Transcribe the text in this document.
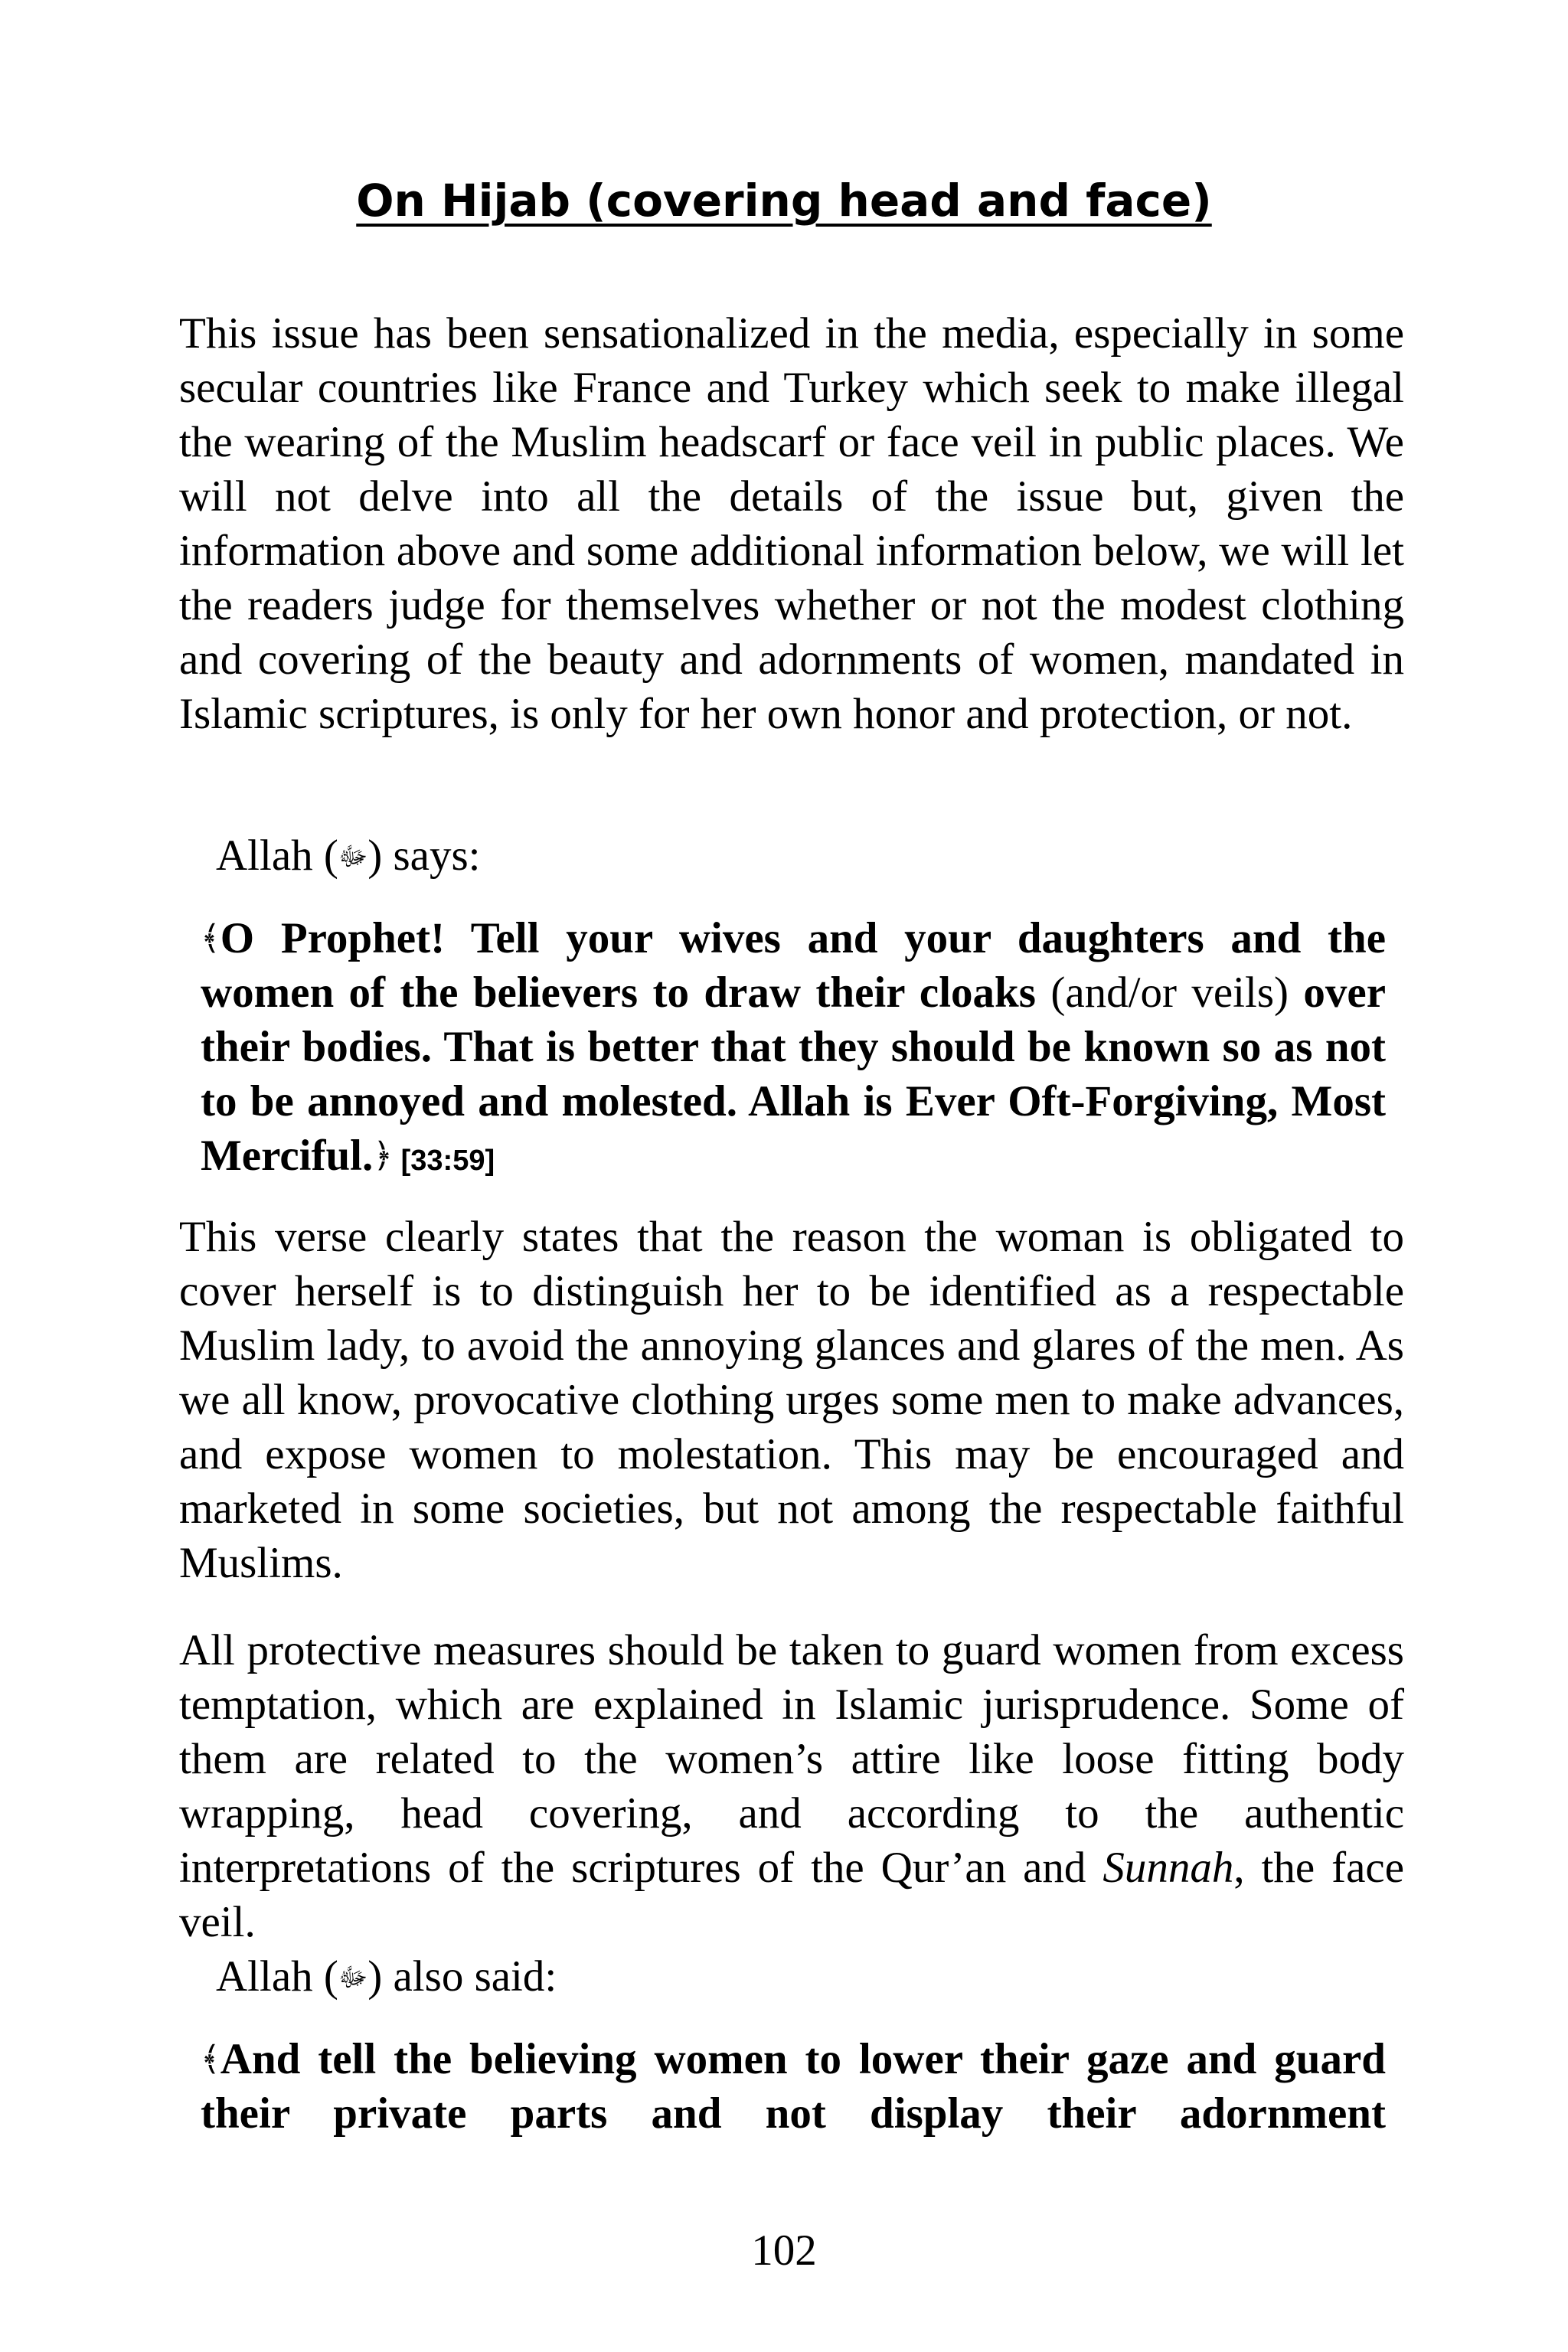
On Hijab (covering head and face)

This issue has been sensationalized in the media, especially in some secular countries like France and Turkey which seek to make illegal the wearing of the Muslim headscarf or face veil in public places. We will not delve into all the details of the issue but, given the information above and some additional information below, we will let the readers judge for themselves whether or not the modest clothing and covering of the beauty and adornments of women, mandated in Islamic scriptures, is only for her own honor and protection, or not.

Allah (ﷻ) says:

﴾O Prophet! Tell your wives and your daughters and the women of the believers to draw their cloaks (and/or veils) over their bodies. That is better that they should be known so as not to be annoyed and molested. Allah is Ever Oft-Forgiving, Most Merciful.﴿ [33:59]

This verse clearly states that the reason the woman is obligated to cover herself is to distinguish her to be identified as a respectable Muslim lady, to avoid the annoying glances and glares of the men. As we all know, provocative clothing urges some men to make advances, and expose women to molestation. This may be encouraged and marketed in some societies, but not among the respectable faithful Muslims.

All protective measures should be taken to guard women from excess temptation, which are explained in Islamic jurisprudence. Some of them are related to the women’s attire like loose fitting body wrapping, head covering, and according to the authentic interpretations of the scriptures of the Qur’an and Sunnah, the face veil.

Allah (ﷻ) also said:

﴾And tell the believing women to lower their gaze and guard their private parts and not display their adornment

102
